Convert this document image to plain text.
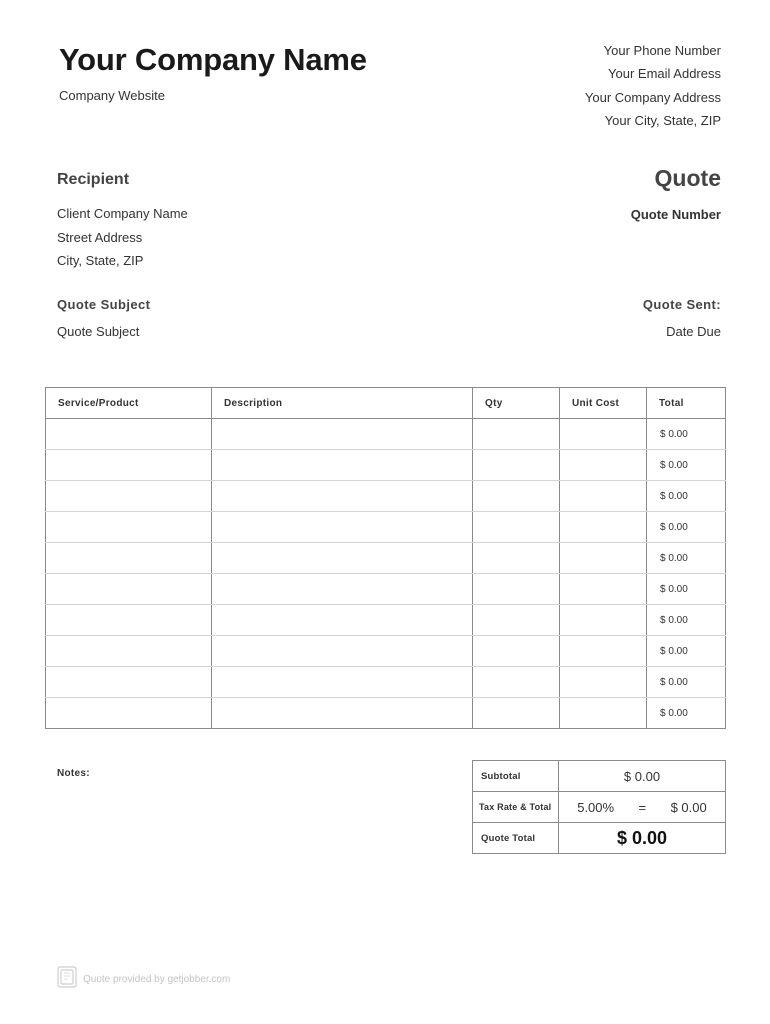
Your Company Name
Company Website
Your Phone Number
Your Email Address
Your Company Address
Your City, State, ZIP
Recipient	Quote
Client Company Name
Street Address
City, State, ZIP
Quote Number
Quote Subject
Quote Subject
Quote Sent:
Date Due
Service/Product	Description	Qty	Unit Cost	Total
				$ 0.00
				$ 0.00
				$ 0.00
				$ 0.00
				$ 0.00
				$ 0.00
				$ 0.00
				$ 0.00
				$ 0.00
				$ 0.00
Notes:	Subtotal	$ 0.00
Tax Rate & Total	5.00% = $ 0.00

Quote Total	$ 0.00
Quote provided by getjobber.com
